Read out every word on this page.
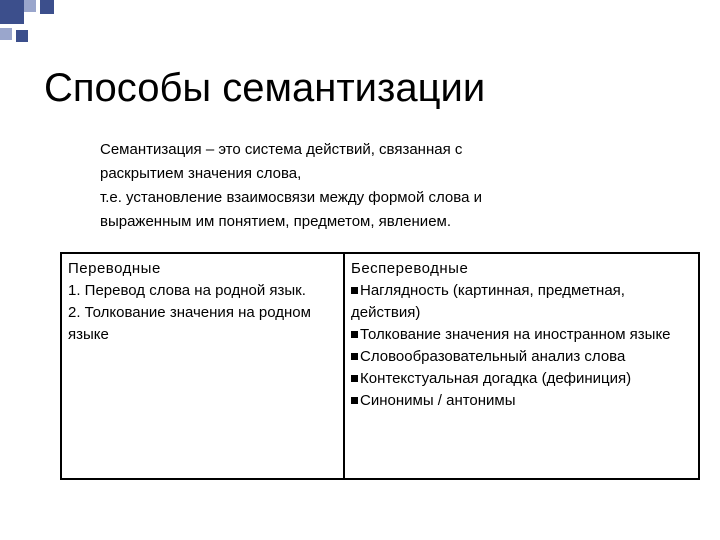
Способы семантизации
Семантизация – это система действий, связанная с
раскрытием значения слова,
т.е. установление взаимосвязи между формой слова и
выраженным им понятием, предметом, явлением.
Переводные
1. Перевод слова на родной язык.
2. Толкование значения на родном языке
Беспереводные
Наглядность (картинная, предметная, действия)
Толкование значения на иностранном языке
Словообразовательный анализ слова
Контекстуальная догадка (дефиниция)
Синонимы / антонимы
